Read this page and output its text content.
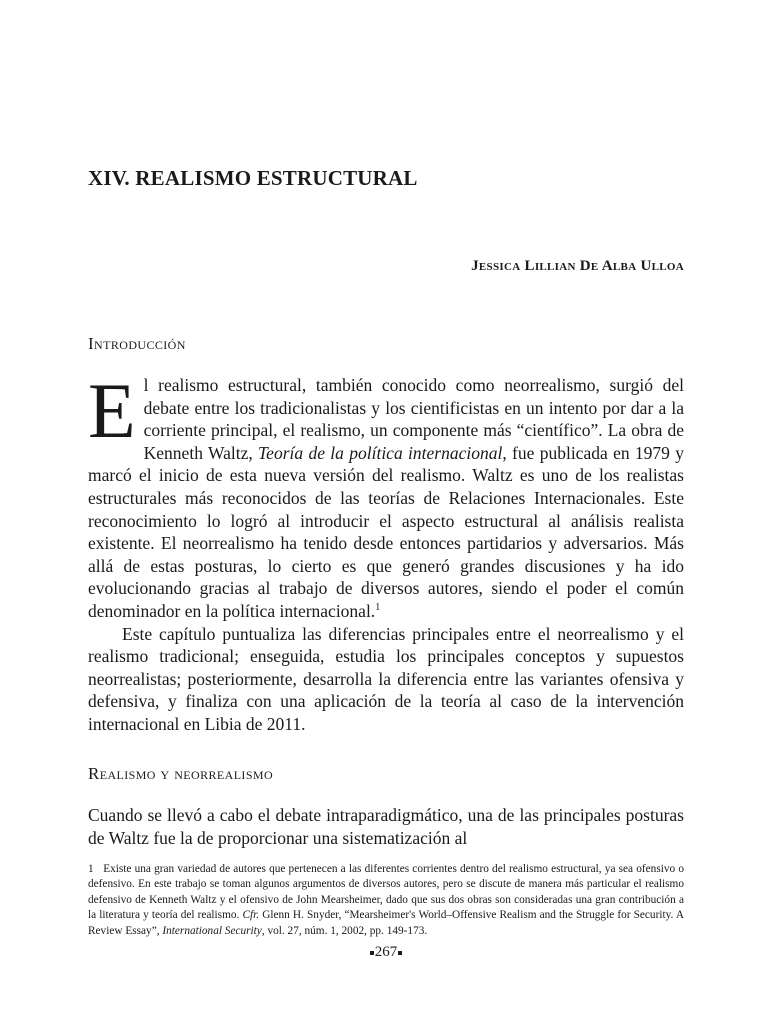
XIV. REALISMO ESTRUCTURAL
Jessica Lillian De Alba Ulloa
Introducción

El realismo estructural, también conocido como neorrealismo, surgió del debate entre los tradicionalistas y los cientificistas en un intento por dar a la corriente principal, el realismo, un componente más “científico”. La obra de Kenneth Waltz, Teoría de la política internacional, fue publicada en 1979 y marcó el inicio de esta nueva versión del realismo. Waltz es uno de los realistas estructurales más reconocidos de las teorías de Relaciones Internacionales. Este reconocimiento lo logró al introducir el aspecto estructural al análisis realista existente. El neorrealismo ha tenido desde entonces partidarios y adversarios. Más allá de estas posturas, lo cierto es que generó grandes discusiones y ha ido evolucionando gracias al trabajo de diversos autores, siendo el poder el común denominador en la política internacional.$^1$

Este capítulo puntualiza las diferencias principales entre el neorrealismo y el realismo tradicional; enseguida, estudia los principales conceptos y supuestos neorrealistas; posteriormente, desarrolla la diferencia entre las variantes ofensiva y defensiva, y finaliza con una aplicación de la teoría al caso de la intervención internacional en Libia de 2011.

Realismo y neorrealismo

Cuando se llevó a cabo el debate intraparadigmático, una de las principales posturas de Waltz fue la de proporcionar una sistematización al

1 Existe una gran variedad de autores que pertenecen a las diferentes corrientes dentro del realismo estructural, ya sea ofensivo o defensivo. En este trabajo se toman algunos argumentos de diversos autores, pero se discute de manera más particular el realismo defensivo de Kenneth Waltz y el ofensivo de John Mearsheimer, dado que sus dos obras son consideradas una gran contribución a la literatura y teoría del realismo. Cfr. Glenn H. Snyder, “Mearsheimer's World–Offensive Realism and the Struggle for Security. A Review Essay”, International Security, vol. 27, núm. 1, 2002, pp. 149-173.
267
